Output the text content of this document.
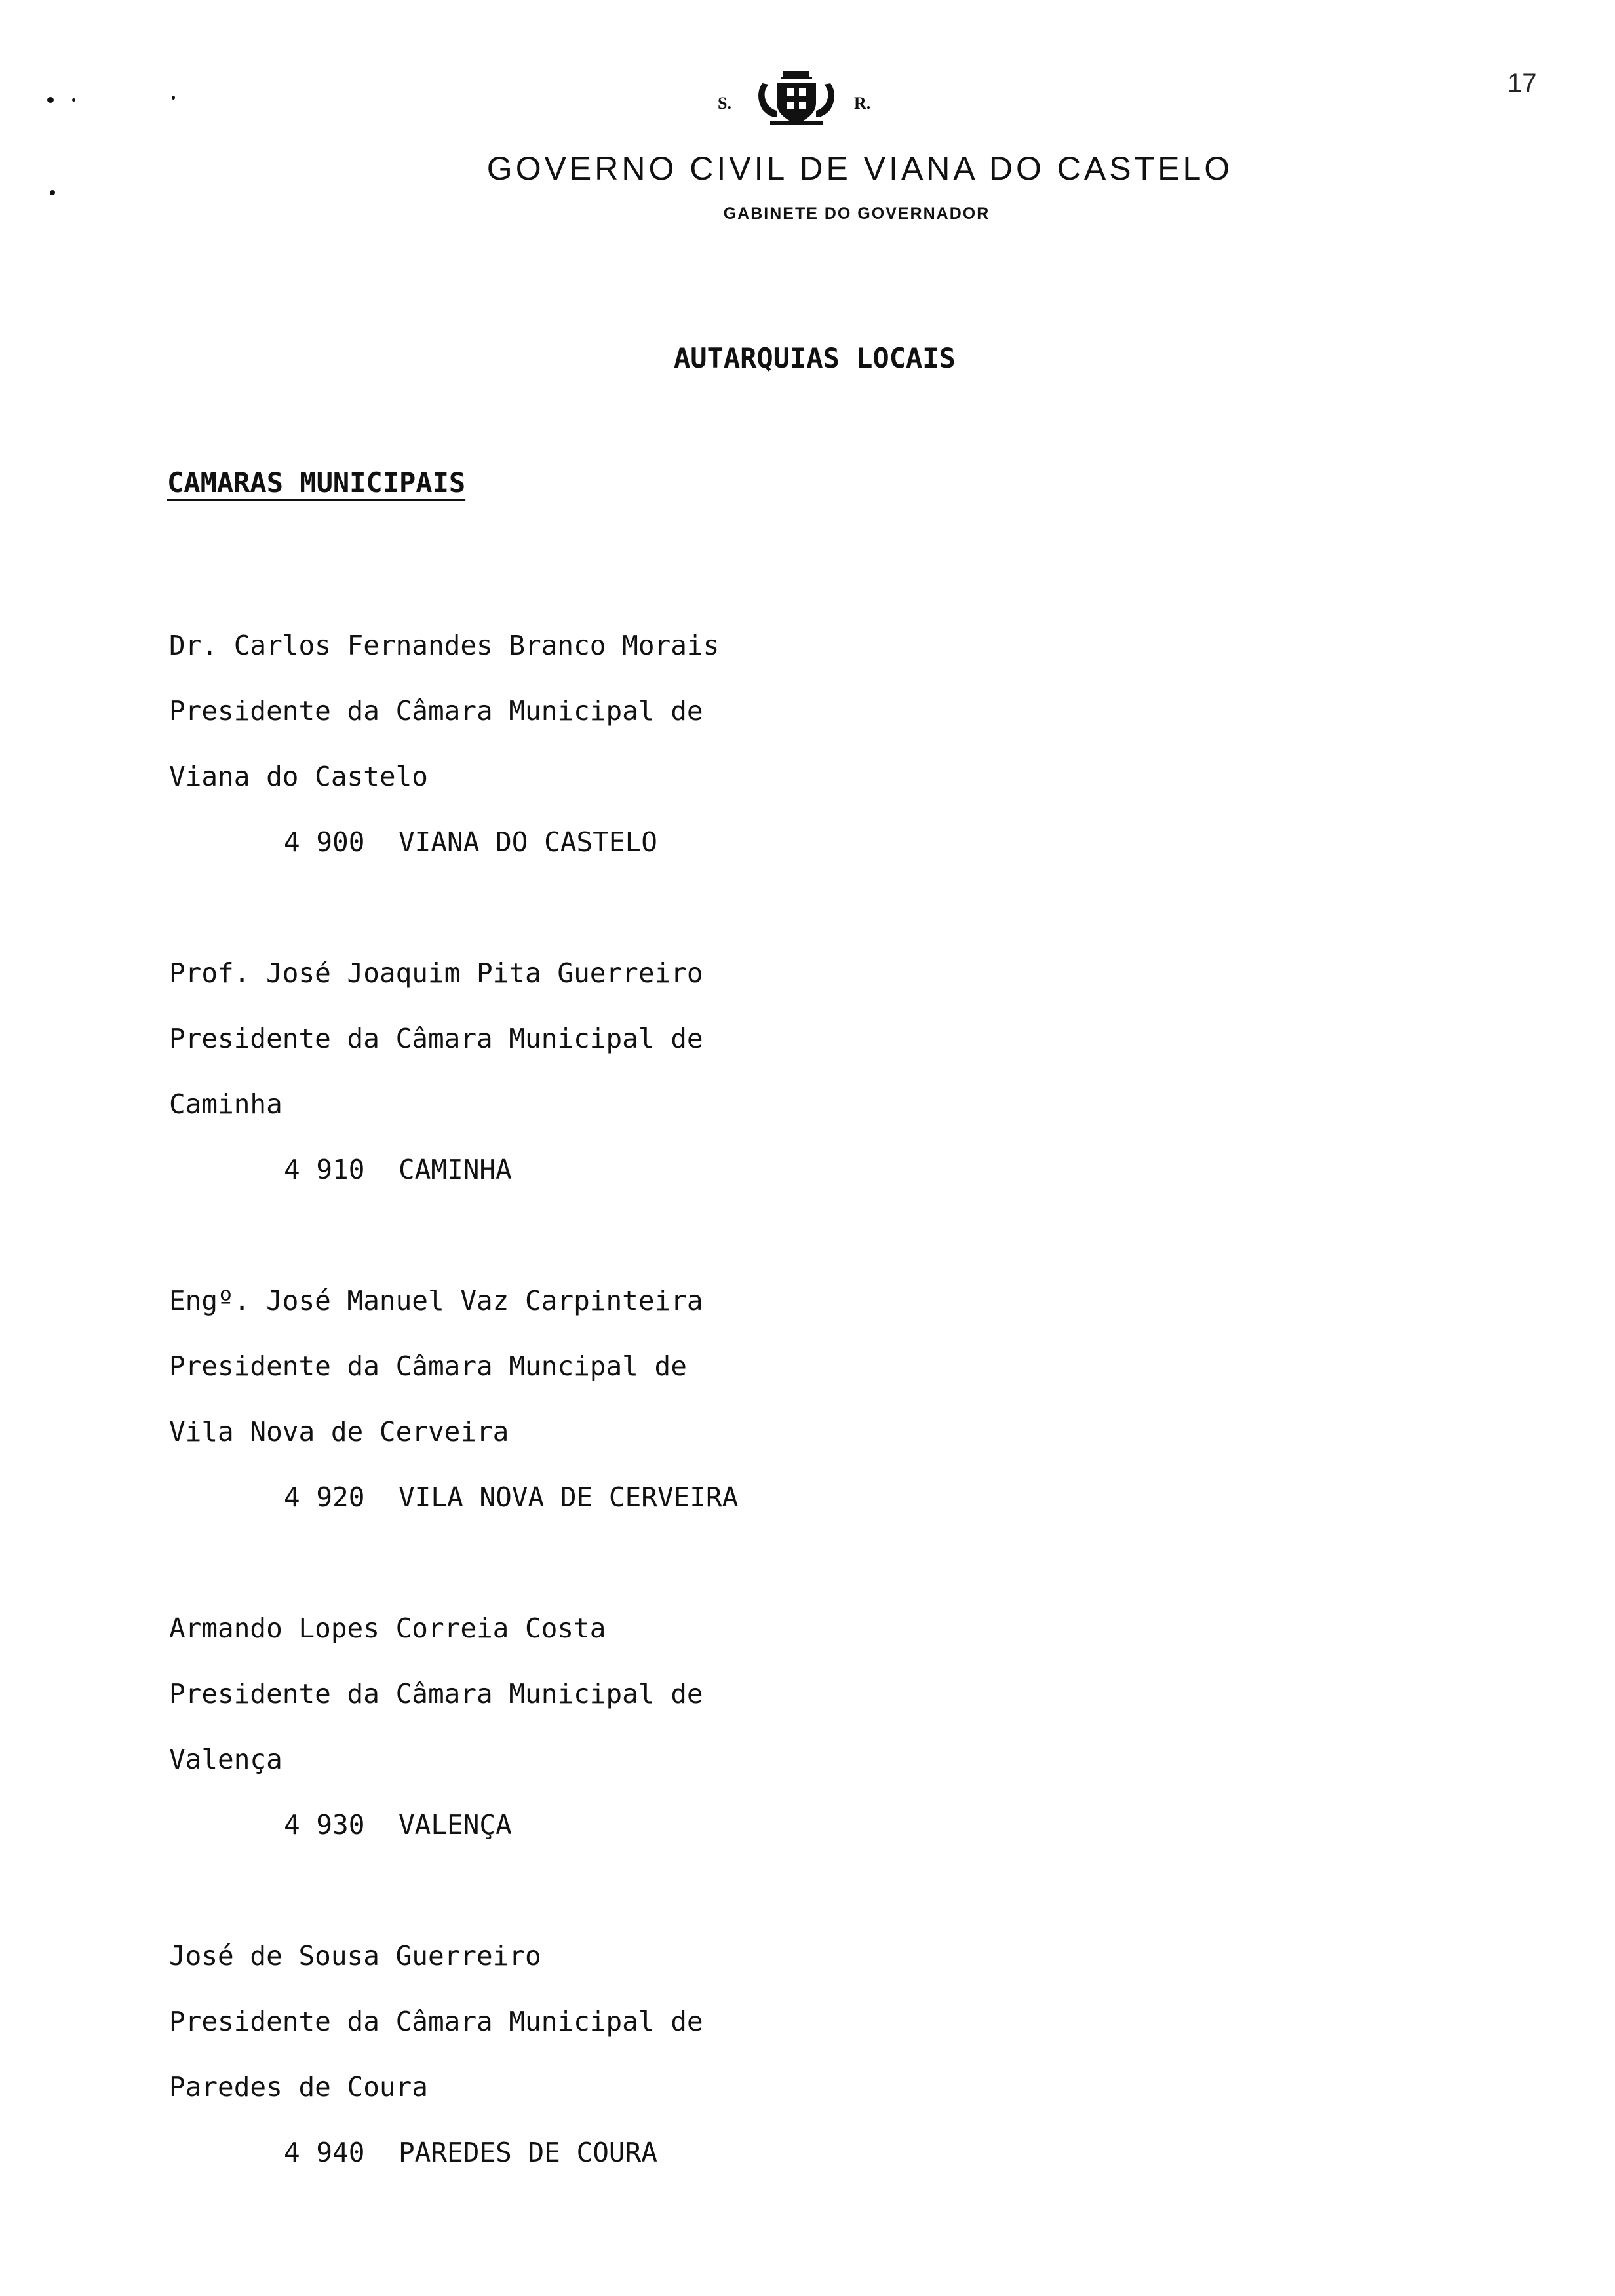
17
S.	R.
GOVERNO CIVIL DE VIANA DO CASTELO
GABINETE DO GOVERNADOR
AUTARQUIAS LOCAIS
CAMARAS MUNICIPAIS
Dr. Carlos Fernandes Branco Morais
Presidente da Câmara Municipal de
Viana do Castelo
4 900 VIANA DO CASTELO
Prof. José Joaquim Pita Guerreiro
Presidente da Câmara Municipal de
Caminha
4 910 CAMINHA
Engº. José Manuel Vaz Carpinteira
Presidente da Câmara Muncipal de
Vila Nova de Cerveira
4 920 VILA NOVA DE CERVEIRA
Armando Lopes Correia Costa
Presidente da Câmara Municipal de
Valença
4 930 VALENÇA
José de Sousa Guerreiro
Presidente da Câmara Municipal de
Paredes de Coura
4 940 PAREDES DE COURA
